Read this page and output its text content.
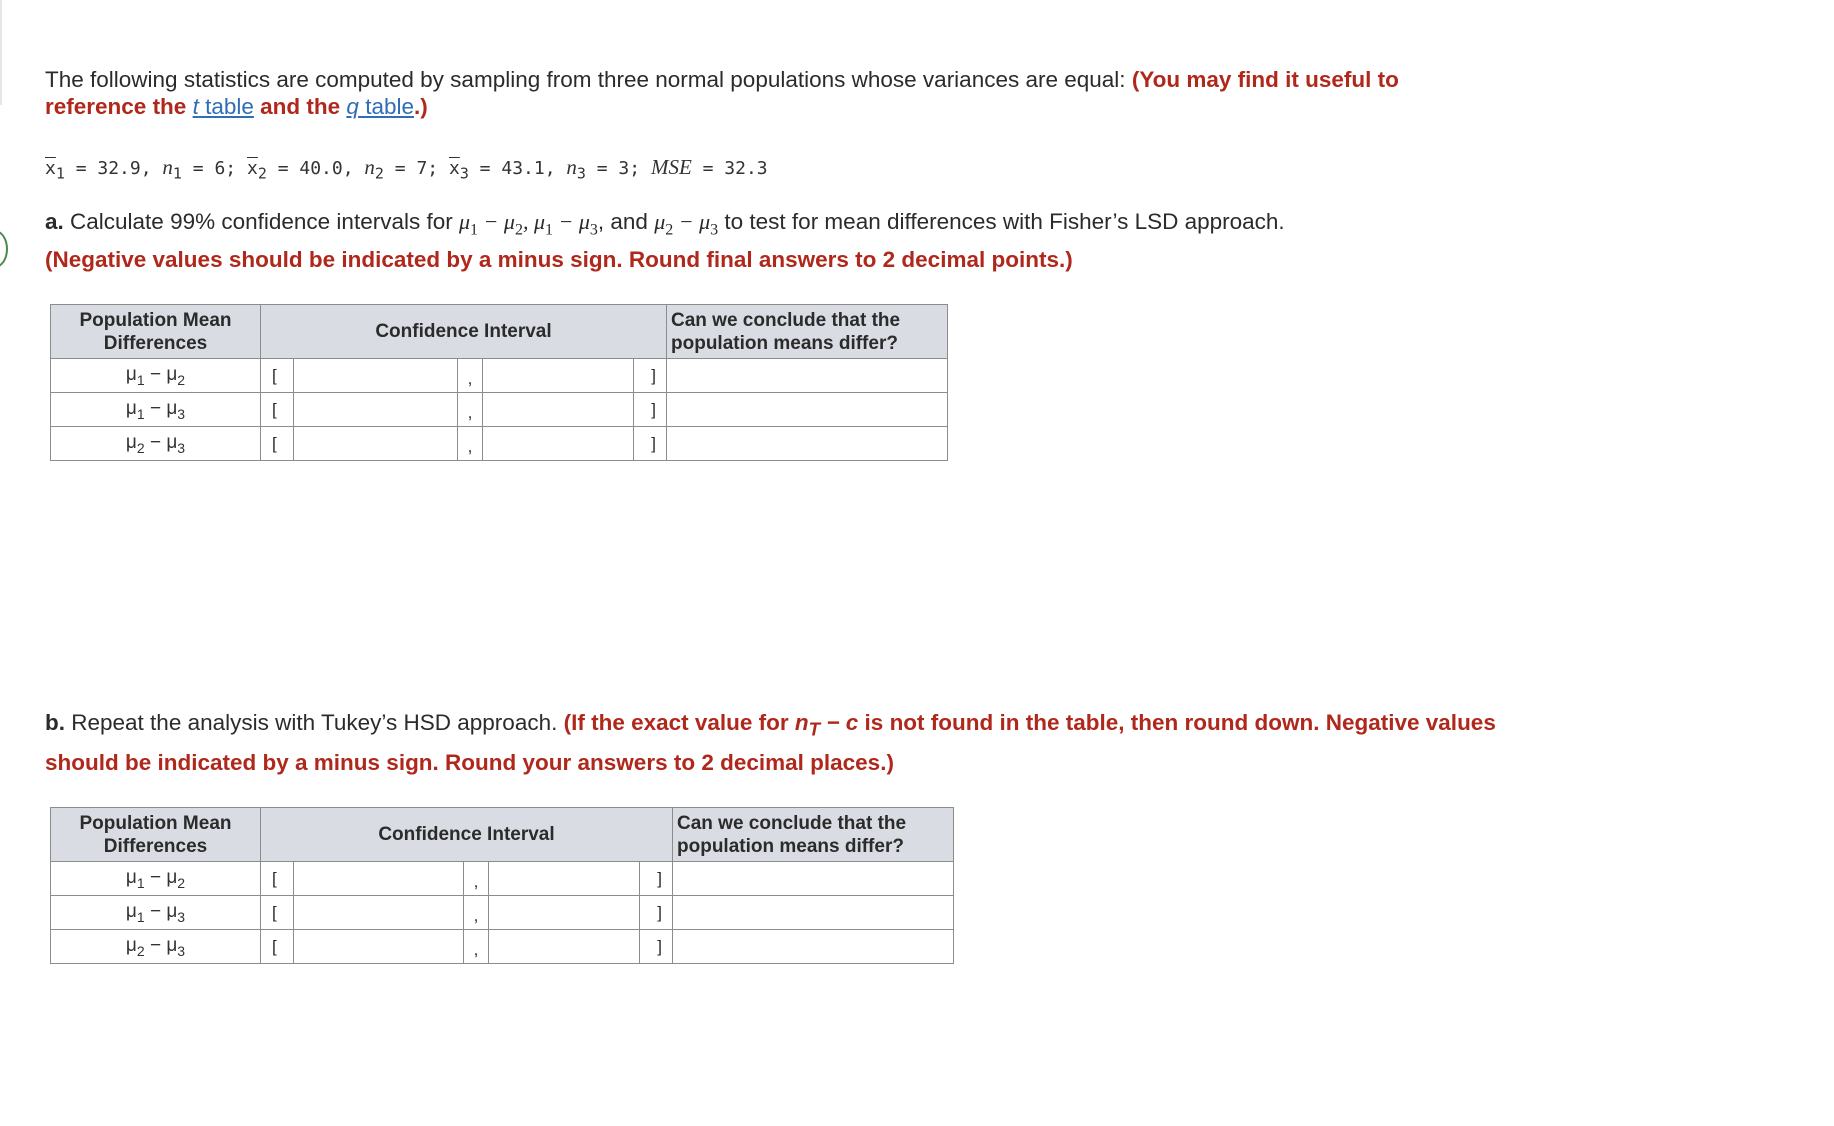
The following statistics are computed by sampling from three normal populations whose variances are equal: (You may find it useful to reference the t table and the q table.)
$\overline{x}_1 = 32.9$, $n_1 = 6$; $\overline{x}_2 = 40.0$, $n_2 = 7$; $\overline{x}_3 = 43.1$, $n_3 = 3$; MSE = 32.3
a. Calculate 99% confidence intervals for $\mu_1 - \mu_2$, $\mu_1 - \mu_3$, and $\mu_2 - \mu_3$ to test for mean differences with Fisher’s LSD approach.
(Negative values should be indicated by a minus sign. Round final answers to 2 decimal points.)
Population Mean
Differences	Confidence Interval					Can we conclude that the
population means differ?
$\mu_1 - \mu_2$	[		,		]	
$\mu_1 - \mu_3$	[		,		]	
$\mu_2 - \mu_3$	[		,		]	
b. Repeat the analysis with Tukey’s HSD approach. (If the exact value for $n_T - c$ is not found in the table, then round down. Negative values should be indicated by a minus sign. Round your answers to 2 decimal places.)
Population Mean
Differences	Confidence Interval					Can we conclude that the
population means differ?
$\mu_1 - \mu_2$	[		,		]	
$\mu_1 - \mu_3$	[		,		]	
$\mu_2 - \mu_3$	[		,		]	
